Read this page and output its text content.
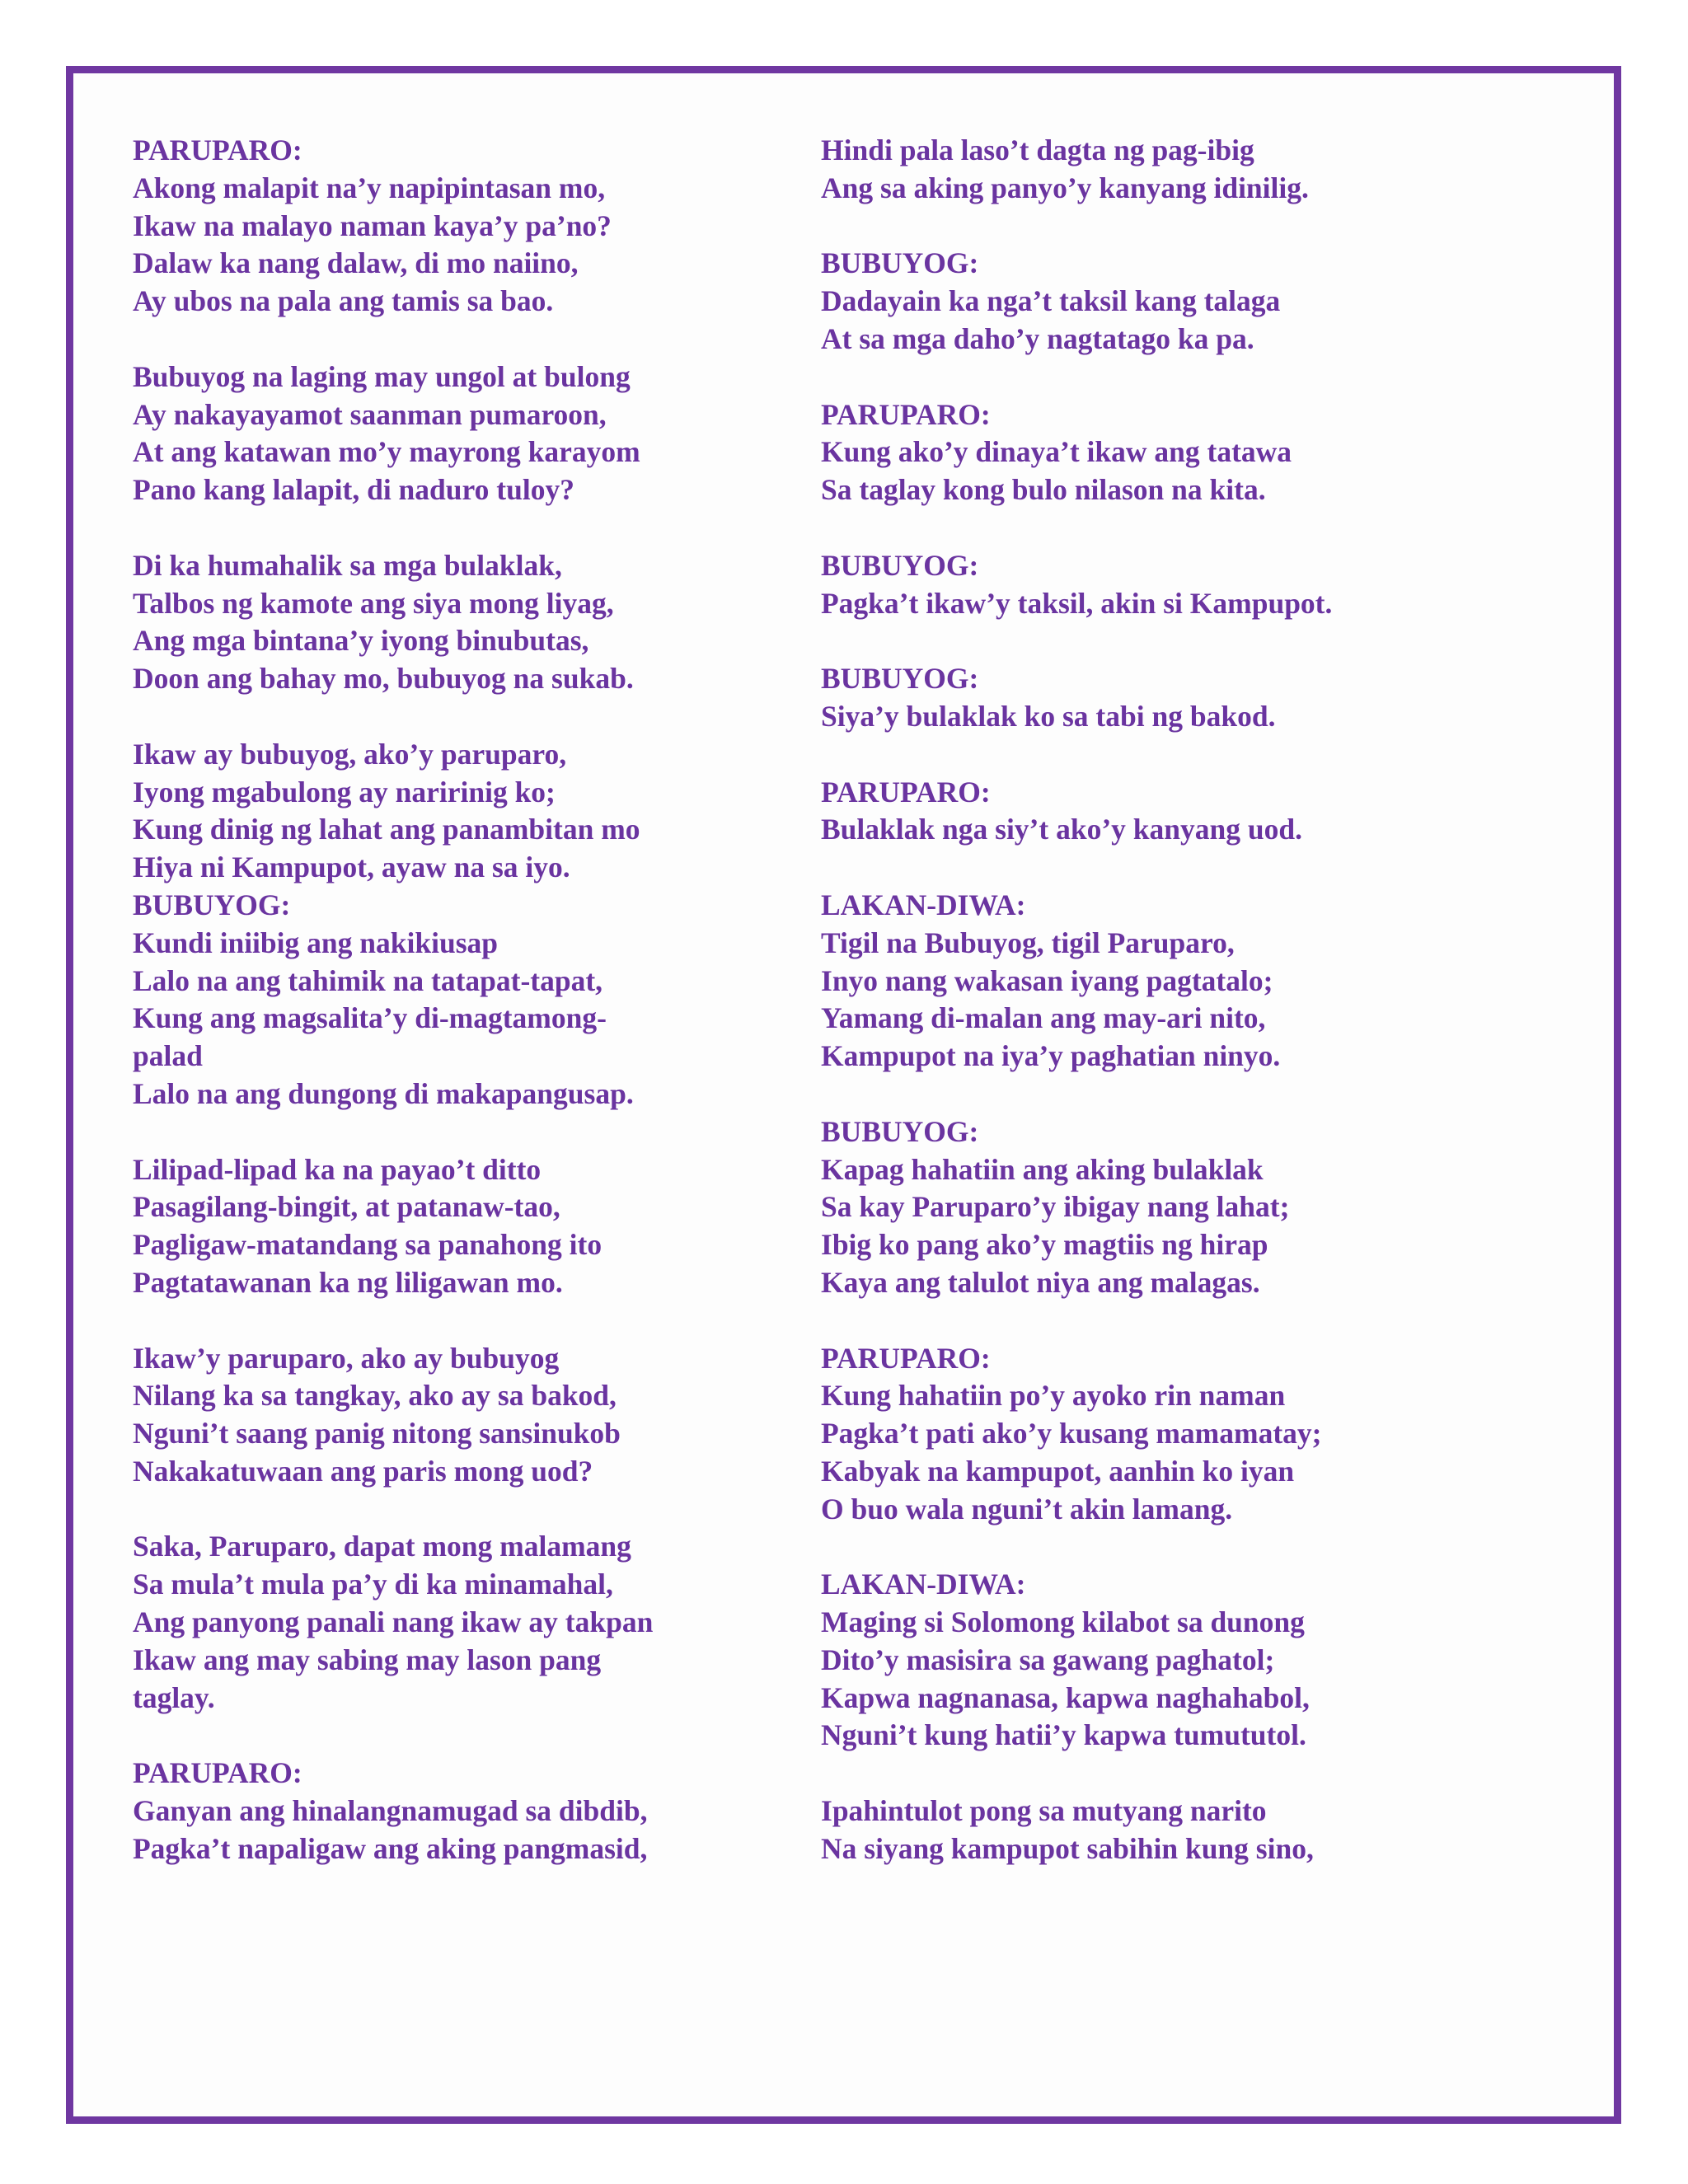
PARUPARO:
Akong malapit na’y napipintasan mo,
Ikaw na malayo naman kaya’y pa’no?
Dalaw ka nang dalaw, di mo naiino,
Ay ubos na pala ang tamis sa bao.
Bubuyog na laging may ungol at bulong
Ay nakayayamot saanman pumaroon,
At ang katawan mo’y mayrong karayom
Pano kang lalapit, di naduro tuloy?
Di ka humahalik sa mga bulaklak,
Talbos ng kamote ang siya mong liyag,
Ang mga bintana’y iyong binubutas,
Doon ang bahay mo, bubuyog na sukab.
Ikaw ay bubuyog, ako’y paruparo,
Iyong mgabulong ay naririnig ko;
Kung dinig ng lahat ang panambitan mo
Hiya ni Kampupot, ayaw na sa iyo.
BUBUYOG:
Kundi iniibig ang nakikiusap
Lalo na ang tahimik na tatapat-tapat,
Kung ang magsalita’y di-magtamong-
palad
Lalo na ang dungong di makapangusap.
Lilipad-lipad ka na payao’t ditto
Pasagilang-bingit, at patanaw-tao,
Pagligaw-matandang sa panahong ito
Pagtatawanan ka ng liligawan mo.
Ikaw’y paruparo, ako ay bubuyog
Nilang ka sa tangkay, ako ay sa bakod,
Nguni’t saang panig nitong sansinukob
Nakakatuwaan ang paris mong uod?
Saka, Paruparo, dapat mong malamang
Sa mula’t mula pa’y di ka minamahal,
Ang panyong panali nang ikaw ay takpan
Ikaw ang may sabing may lason pang
taglay.
PARUPARO:
Ganyan ang hinalangnamugad sa dibdib,
Pagka’t napaligaw ang aking pangmasid,
Hindi pala laso’t dagta ng pag-ibig
Ang sa aking panyo’y kanyang idinilig.
BUBUYOG:
Dadayain ka nga’t taksil kang talaga
At sa mga daho’y nagtatago ka pa.
PARUPARO:
Kung ako’y dinaya’t ikaw ang tatawa
Sa taglay kong bulo nilason na kita.
BUBUYOG:
Pagka’t ikaw’y taksil, akin si Kampupot.
BUBUYOG:
Siya’y bulaklak ko sa tabi ng bakod.
PARUPARO:
Bulaklak nga siy’t ako’y kanyang uod.
LAKAN-DIWA:
Tigil na Bubuyog, tigil Paruparo,
Inyo nang wakasan iyang pagtatalo;
Yamang di-malan ang may-ari nito,
Kampupot na iya’y paghatian ninyo.
BUBUYOG:
Kapag hahatiin ang aking bulaklak
Sa kay Paruparo’y ibigay nang lahat;
Ibig ko pang ako’y magtiis ng hirap
Kaya ang talulot niya ang malagas.
PARUPARO:
Kung hahatiin po’y ayoko rin naman
Pagka’t pati ako’y kusang mamamatay;
Kabyak na kampupot, aanhin ko iyan
O buo wala nguni’t akin lamang.
LAKAN-DIWA:
Maging si Solomong kilabot sa dunong
Dito’y masisira sa gawang paghatol;
Kapwa nagnanasa, kapwa naghahabol,
Nguni’t kung hatii’y kapwa tumututol.
Ipahintulot pong sa mutyang narito
Na siyang kampupot sabihin kung sino,
